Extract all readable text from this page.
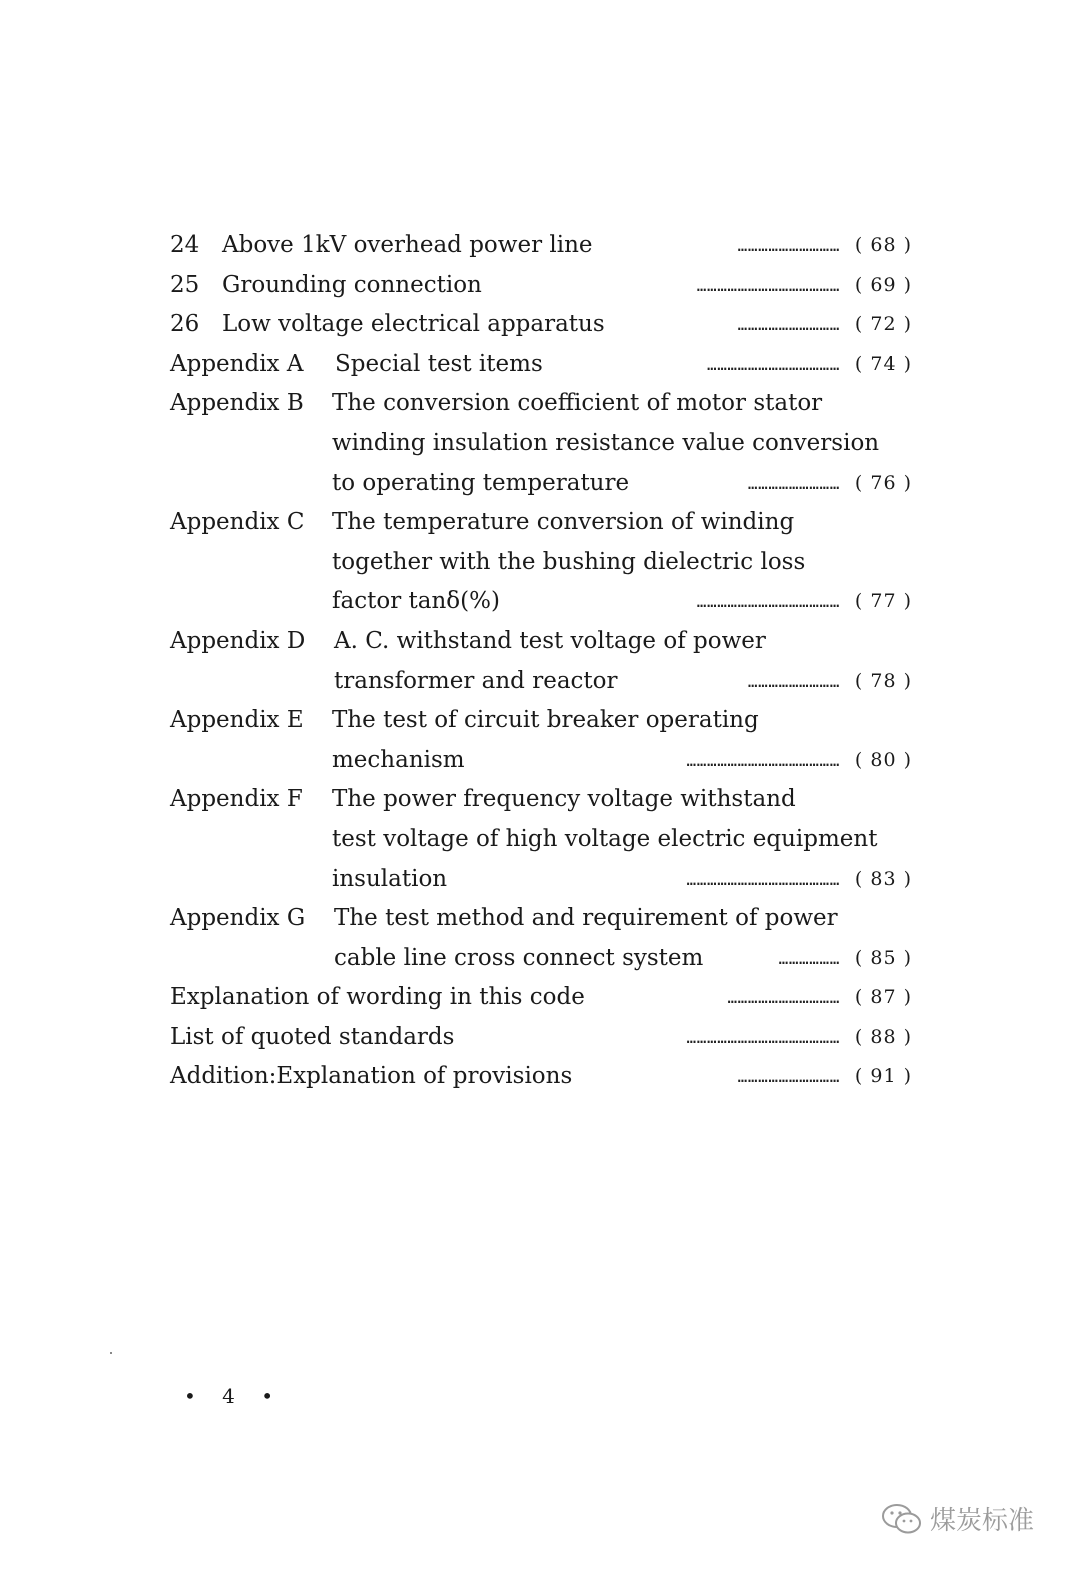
24 Above 1kV overhead power line	………………………… ( 68 )
25 Grounding connection	…………………………………… ( 69 )
26 Low voltage electrical apparatus	………………………… ( 72 )
Appendix A Special test items	………………………………… ( 74 )
Appendix B The conversion coefficient of motor stator
winding insulation resistance value conversion
to operating temperature	……………………… ( 76 )
Appendix C The temperature conversion of winding
together with the bushing dielectric loss
factor tanδ(%)	…………………………………… ( 77 )
Appendix D A. C. withstand test voltage of power
transformer and reactor	……………………… ( 78 )
Appendix E The test of circuit breaker operating
mechanism	……………………………………… ( 80 )
Appendix F The power frequency voltage withstand
test voltage of high voltage electric equipment
insulation	……………………………………… ( 83 )
Appendix G The test method and requirement of power
cable line cross connect system	……………… ( 85 )
Explanation of wording in this code	…………………………… ( 87 )
List of quoted standards	……………………………………… ( 88 )
Addition:Explanation of provisions	………………………… ( 91 )
• 4 •
煤炭标准
